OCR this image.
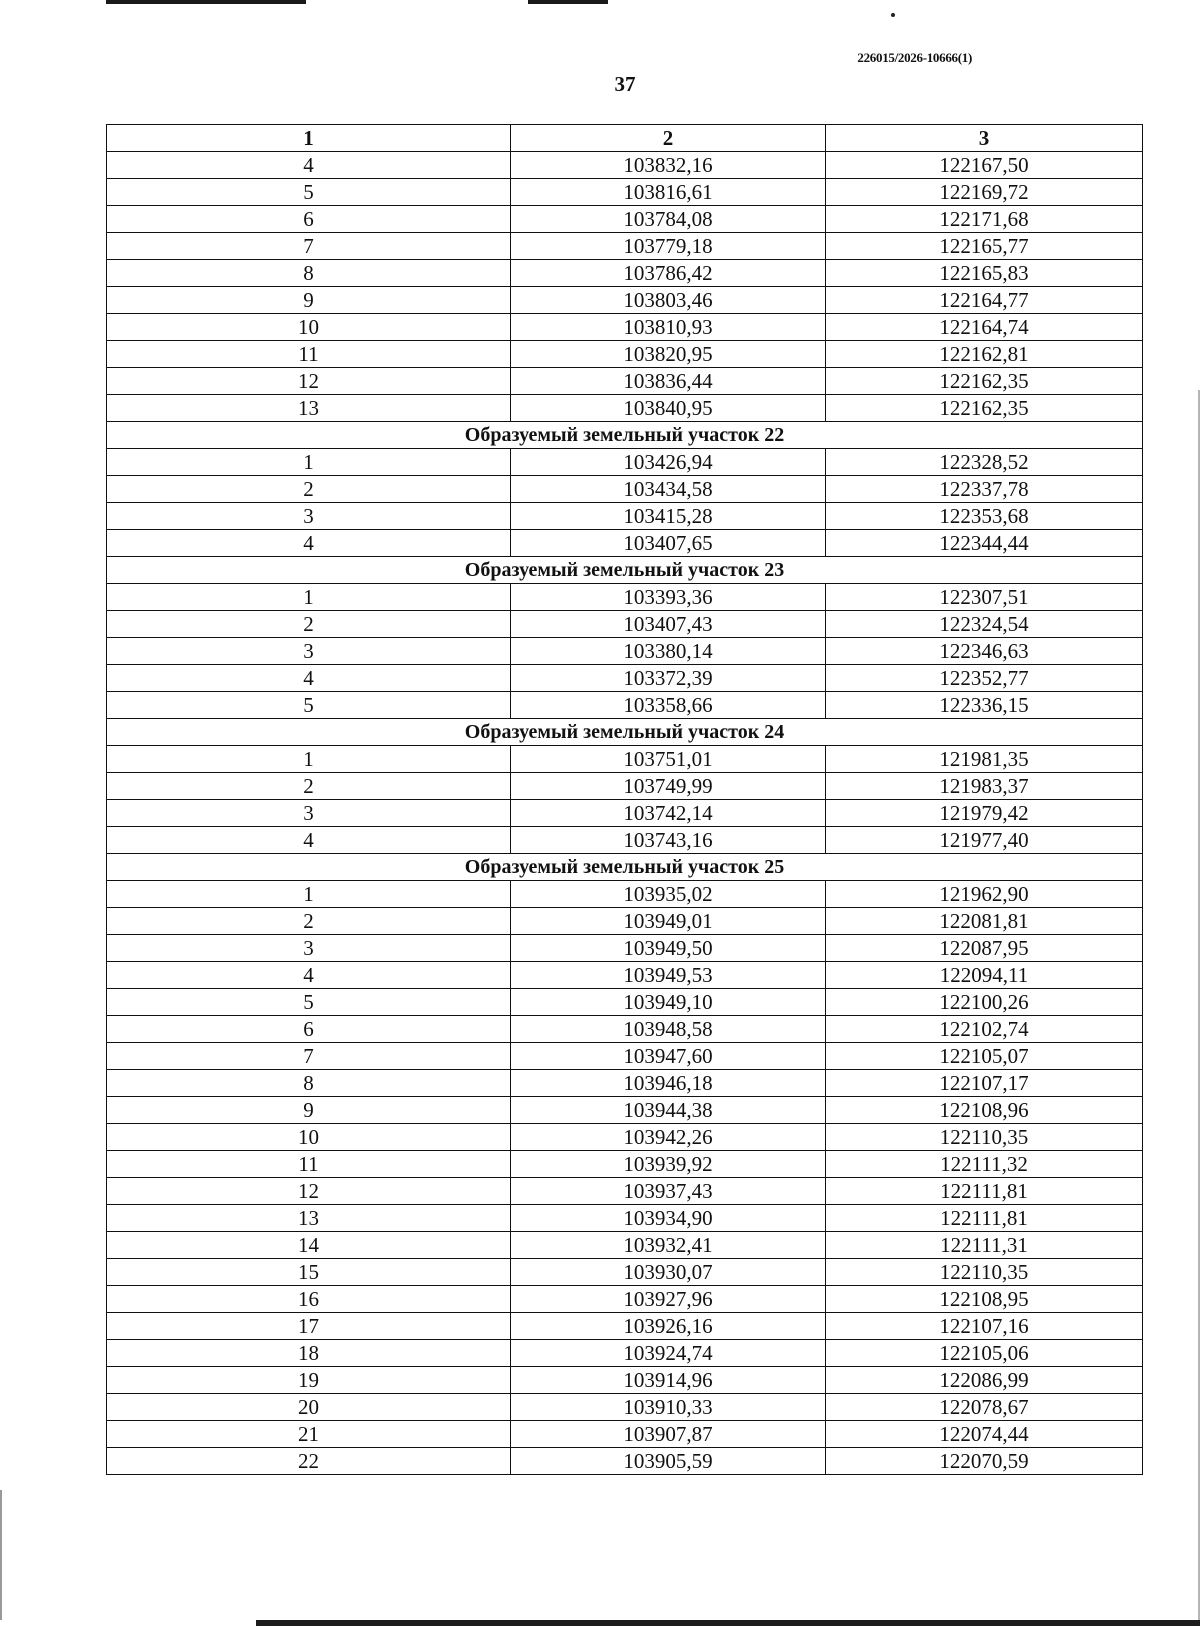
226015/2026-10666(1)
37
1	2	3
4	103832,16	122167,50
5	103816,61	122169,72
6	103784,08	122171,68
7	103779,18	122165,77
8	103786,42	122165,83
9	103803,46	122164,77
10	103810,93	122164,74
11	103820,95	122162,81
12	103836,44	122162,35
13	103840,95	122162,35
Образуемый земельный участок 22		
1	103426,94	122328,52
2	103434,58	122337,78
3	103415,28	122353,68
4	103407,65	122344,44
Образуемый земельный участок 23		
1	103393,36	122307,51
2	103407,43	122324,54
3	103380,14	122346,63
4	103372,39	122352,77
5	103358,66	122336,15
Образуемый земельный участок 24		
1	103751,01	121981,35
2	103749,99	121983,37
3	103742,14	121979,42
4	103743,16	121977,40
Образуемый земельный участок 25		
1	103935,02	121962,90
2	103949,01	122081,81
3	103949,50	122087,95
4	103949,53	122094,11
5	103949,10	122100,26
6	103948,58	122102,74
7	103947,60	122105,07
8	103946,18	122107,17
9	103944,38	122108,96
10	103942,26	122110,35
11	103939,92	122111,32
12	103937,43	122111,81
13	103934,90	122111,81
14	103932,41	122111,31
15	103930,07	122110,35
16	103927,96	122108,95
17	103926,16	122107,16
18	103924,74	122105,06
19	103914,96	122086,99
20	103910,33	122078,67
21	103907,87	122074,44
22	103905,59	122070,59
